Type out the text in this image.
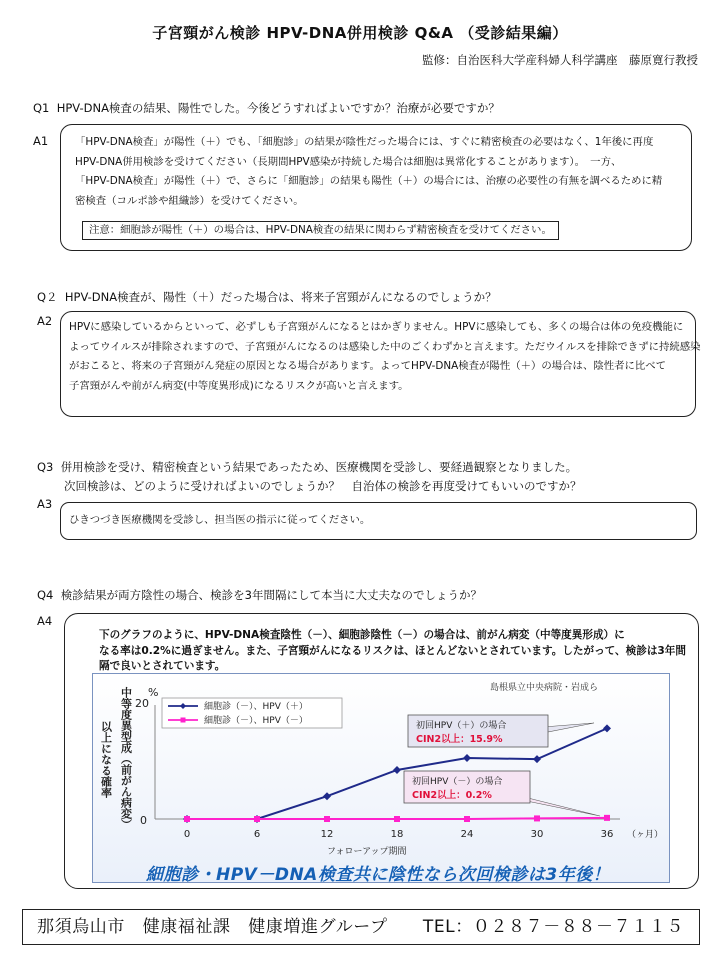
子宮頸がん検診 HPV-DNA併用検診 Q&A （受診結果編）
監修：自治医科大学産科婦人科学講座　藤原寛行教授
Q1 HPV-DNA検査の結果、陽性でした。今後どうすればよいですか？治療が必要ですか？
A1	「HPV-DNA検査」が陽性（＋）でも、「細胞診」の結果が陰性だった場合には、すぐに精密検査の必要はなく、1年後に再度
HPV-DNA併用検診を受けてください（長期間HPV感染が持続した場合は細胞は異常化することがあります）。　一方、
「HPV-DNA検査」が陽性（＋）で、さらに「細胞診」の結果も陽性（＋）の場合には、治療の必要性の有無を調べるために精
密検査（コルポ診や組織診）を受けてください。
注意：細胞診が陽性（＋）の場合は、HPV-DNA検査の結果に関わらず精密検査を受けてください。
Q２ HPV-DNA検査が、陽性（＋）だった場合は、将来子宮頸がんになるのでしょうか？
A2 HPVに感染しているからといって、必ずしも子宮頸がんになるとはかぎりません。HPVに感染しても、多くの場合は体の免疫機能に
よってウイルスが排除されますので、子宮頸がんになるのは感染した中のごくわずかと言えます。ただウイルスを排除できずに持続感染
がおこると、将来の子宮頸がん発症の原因となる場合があります。よってHPV-DNA検査が陽性（＋）の場合は、陰性者に比べて
子宮頸がんや前がん病変(中等度異形成)になるリスクが高いと言えます。
Q3 併用検診を受け、精密検査という結果であったため、医療機関を受診し、要経過観察となりました。
次回検診は、どのように受ければよいのでしょうか？　自治体の検診を再度受けてもいいのですか？
A3
ひきつづき医療機関を受診し、担当医の指示に従ってください。
Q4 検診結果が両方陰性の場合、検診を3年間隔にして本当に大丈夫なのでしょうか？
A4
下のグラフのように、HPV-DNA検査陰性（－）、細胞診陰性（－）の場合は、前がん病変（中等度異形成）に
なる率は0.2%に過ぎません。また、子宮頸がんになるリスクは、ほとんどないとされています。したがって、検診は3年間
隔で良いとされています。
中等度異型成（前がん病変）
以上になる確率
%
20
0
島根県立中央病院・岩成ら
0	6	12	18	24	30	36 （ヶ月）
フォローアップ期間
細胞診（－）、HPV（＋）
細胞診（－）、HPV（－）	初回HPV（＋）の場合
CIN2以上：15.9%
初回HPV（－）の場合
CIN2以上：0.2%
細胞診・HPV－DNA検査共に陰性なら次回検診は3年後！
那須烏山市　健康福祉課　健康増進グループ　　TEL：０２８７－８８－７１１５
